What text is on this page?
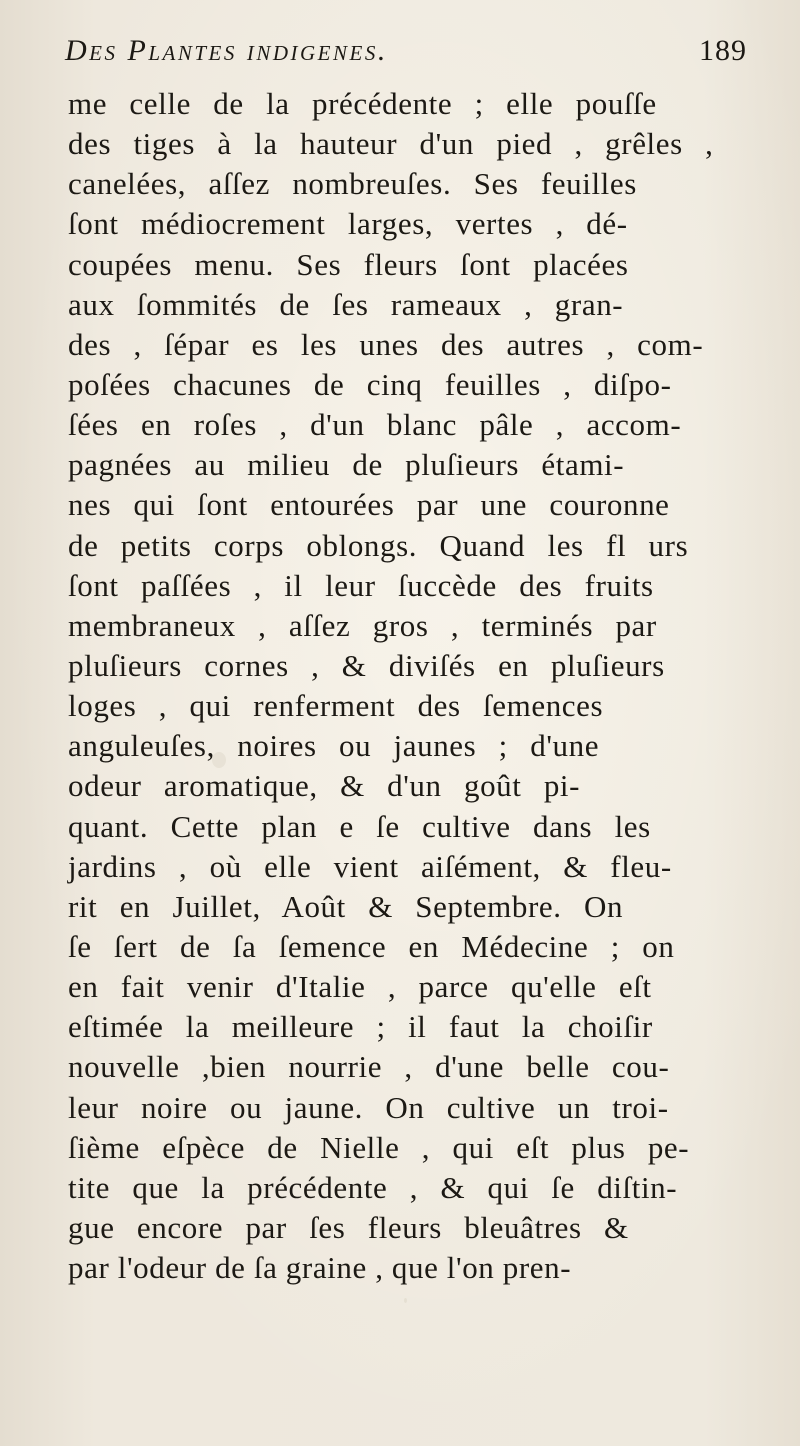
Des Plantes indigenes.	189
me celle de la précédente ; elle pouſſe
des tiges à la hauteur d'un pied , grêles ,
canelées, aſſez nombreuſes. Ses feuilles
ſont médiocrement larges, vertes , dé-
coupées menu. Ses fleurs ſont placées
aux ſommités de ſes rameaux , gran-
des , ſépar es les unes des autres , com-
poſées chacunes de cinq feuilles , diſpo-
ſées en roſes , d'un blanc pâle , accom-
pagnées au milieu de pluſieurs étami-
nes qui ſont entourées par une couronne
de petits corps oblongs. Quand les fl urs
ſont paſſées , il leur ſuccède des fruits
membraneux , aſſez gros , terminés par
pluſieurs cornes , & diviſés en pluſieurs
loges , qui renferment des ſemences
anguleuſes, noires ou jaunes ; d'une
odeur aromatique, & d'un goût pi-
quant. Cette plan e ſe cultive dans les
jardins , où elle vient aiſément, & fleu-
rit en Juillet, Août & Septembre. On
ſe ſert de ſa ſemence en Médecine ; on
en fait venir d'Italie , parce qu'elle eſt
eſtimée la meilleure ; il faut la choiſir
nouvelle ,bien nourrie , d'une belle cou-
leur noire ou jaune. On cultive un troi-
ſième eſpèce de Nielle , qui eſt plus pe-
tite que la précédente , & qui ſe diſtin-
gue encore par ſes fleurs bleuâtres &
par l'odeur de ſa graine , que l'on pren-
